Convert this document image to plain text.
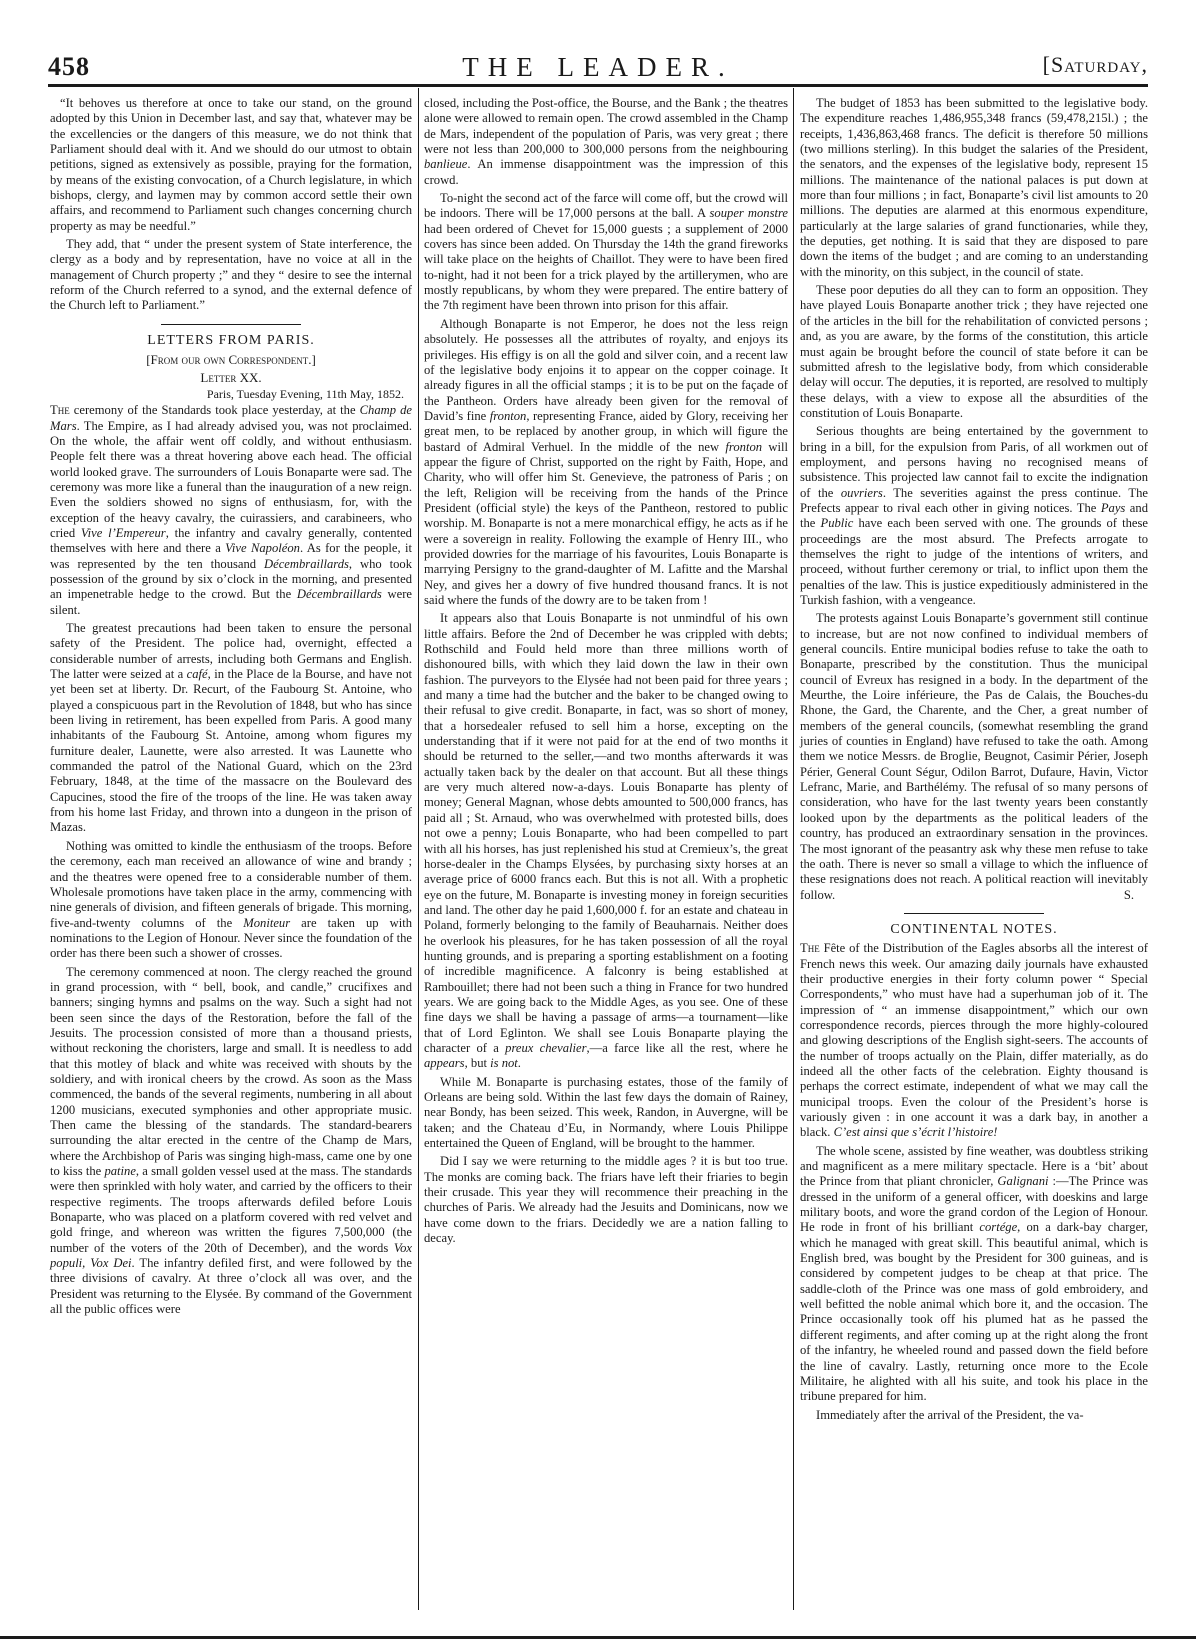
458	THE LEADER.	[Saturday,

“It behoves us therefore at once to take our stand, on the ground adopted by this Union in December last, and say that, whatever may be the excellencies or the dangers of this measure, we do not think that Parliament should deal with it. And we should do our utmost to obtain petitions, signed as extensively as possible, praying for the formation, by means of the existing convocation, of a Church legislature, in which bishops, clergy, and laymen may by common accord settle their own affairs, and recommend to Parliament such changes concerning church property as may be needful.”

They add, that “ under the present system of State interference, the clergy as a body and by representation, have no voice at all in the management of Church property ;” and they “ desire to see the internal reform of the Church referred to a synod, and the external defence of the Church left to Parliament.”

LETTERS FROM PARIS.

[From our own Correspondent.]

Letter XX.

Paris, Tuesday Evening, 11th May, 1852.

The ceremony of the Standards took place yesterday, at the Champ de Mars. The Empire, as I had already advised you, was not proclaimed. On the whole, the affair went off coldly, and without enthusiasm. People felt there was a threat hovering above each head. The official world looked grave. The surrounders of Louis Bonaparte were sad. The ceremony was more like a funeral than the inauguration of a new reign. Even the soldiers showed no signs of enthusiasm, for, with the exception of the heavy cavalry, the cuirassiers, and carabineers, who cried Vive l’Empereur, the infantry and cavalry generally, contented themselves with here and there a Vive Napoléon. As for the people, it was represented by the ten thousand Décembraillards, who took possession of the ground by six o’clock in the morning, and presented an impenetrable hedge to the crowd. But the Décembraillards were silent.

The greatest precautions had been taken to ensure the personal safety of the President. The police had, overnight, effected a considerable number of arrests, including both Germans and English. The latter were seized at a café, in the Place de la Bourse, and have not yet been set at liberty. Dr. Recurt, of the Faubourg St. Antoine, who played a conspicuous part in the Revolution of 1848, but who has since been living in retirement, has been expelled from Paris. A good many inhabitants of the Faubourg St. Antoine, among whom figures my furniture dealer, Launette, were also arrested. It was Launette who commanded the patrol of the National Guard, which on the 23rd February, 1848, at the time of the massacre on the Boulevard des Capucines, stood the fire of the troops of the line. He was taken away from his home last Friday, and thrown into a dungeon in the prison of Mazas.

Nothing was omitted to kindle the enthusiasm of the troops. Before the ceremony, each man received an allowance of wine and brandy ; and the theatres were opened free to a considerable number of them. Wholesale promotions have taken place in the army, commencing with nine generals of division, and fifteen generals of brigade. This morning, five-and-twenty columns of the Moniteur are taken up with nominations to the Legion of Honour. Never since the foundation of the order has there been such a shower of crosses.

The ceremony commenced at noon. The clergy reached the ground in grand procession, with “ bell, book, and candle,” crucifixes and banners; singing hymns and psalms on the way. Such a sight had not been seen since the days of the Restoration, before the fall of the Jesuits. The procession consisted of more than a thousand priests, without reckoning the choristers, large and small. It is needless to add that this motley of black and white was received with shouts by the soldiery, and with ironical cheers by the crowd. As soon as the Mass commenced, the bands of the several regiments, numbering in all about 1200 musicians, executed symphonies and other appropriate music. Then came the blessing of the standards. The standard-bearers surrounding the altar erected in the centre of the Champ de Mars, where the Archbishop of Paris was singing high-mass, came one by one to kiss the patine, a small golden vessel used at the mass. The standards were then sprinkled with holy water, and carried by the officers to their respective regiments. The troops afterwards defiled before Louis Bonaparte, who was placed on a platform covered with red velvet and gold fringe, and whereon was written the figures 7,500,000 (the number of the voters of the 20th of December), and the words Vox populi, Vox Dei. The infantry defiled first, and were followed by the three divisions of cavalry. At three o’clock all was over, and the President was returning to the Elysée. By command of the Government all the public offices were

closed, including the Post-office, the Bourse, and the Bank ; the theatres alone were allowed to remain open. The crowd assembled in the Champ de Mars, independent of the population of Paris, was very great ; there were not less than 200,000 to 300,000 persons from the neighbouring banlieue. An immense disappointment was the impression of this crowd.

To-night the second act of the farce will come off, but the crowd will be indoors. There will be 17,000 persons at the ball. A souper monstre had been ordered of Chevet for 15,000 guests ; a supplement of 2000 covers has since been added. On Thursday the 14th the grand fireworks will take place on the heights of Chaillot. They were to have been fired to-night, had it not been for a trick played by the artillerymen, who are mostly republicans, by whom they were prepared. The entire battery of the 7th regiment have been thrown into prison for this affair.

Although Bonaparte is not Emperor, he does not the less reign absolutely. He possesses all the attributes of royalty, and enjoys its privileges. His effigy is on all the gold and silver coin, and a recent law of the legislative body enjoins it to appear on the copper coinage. It already figures in all the official stamps ; it is to be put on the façade of the Pantheon. Orders have already been given for the removal of David’s fine fronton, representing France, aided by Glory, receiving her great men, to be replaced by another group, in which will figure the bastard of Admiral Verhuel. In the middle of the new fronton will appear the figure of Christ, supported on the right by Faith, Hope, and Charity, who will offer him St. Genevieve, the patroness of Paris ; on the left, Religion will be receiving from the hands of the Prince President (official style) the keys of the Pantheon, restored to public worship. M. Bonaparte is not a mere monarchical effigy, he acts as if he were a sovereign in reality. Following the example of Henry III., who provided dowries for the marriage of his favourites, Louis Bonaparte is marrying Persigny to the grand-daughter of M. Lafitte and the Marshal Ney, and gives her a dowry of five hundred thousand francs. It is not said where the funds of the dowry are to be taken from !

It appears also that Louis Bonaparte is not unmindful of his own little affairs. Before the 2nd of December he was crippled with debts; Rothschild and Fould held more than three millions worth of dishonoured bills, with which they laid down the law in their own fashion. The purveyors to the Elysée had not been paid for three years ; and many a time had the butcher and the baker to be changed owing to their refusal to give credit. Bonaparte, in fact, was so short of money, that a horsedealer refused to sell him a horse, excepting on the understanding that if it were not paid for at the end of two months it should be returned to the seller,—and two months afterwards it was actually taken back by the dealer on that account. But all these things are very much altered now-a-days. Louis Bonaparte has plenty of money; General Magnan, whose debts amounted to 500,000 francs, has paid all ; St. Arnaud, who was overwhelmed with protested bills, does not owe a penny; Louis Bonaparte, who had been compelled to part with all his horses, has just replenished his stud at Cremieux’s, the great horse-dealer in the Champs Elysées, by purchasing sixty horses at an average price of 6000 francs each. But this is not all. With a prophetic eye on the future, M. Bonaparte is investing money in foreign securities and land. The other day he paid 1,600,000 f. for an estate and chateau in Poland, formerly belonging to the family of Beauharnais. Neither does he overlook his pleasures, for he has taken possession of all the royal hunting grounds, and is preparing a sporting establishment on a footing of incredible magnificence. A falconry is being established at Rambouillet; there had not been such a thing in France for two hundred years. We are going back to the Middle Ages, as you see. One of these fine days we shall be having a passage of arms—a tournament—like that of Lord Eglinton. We shall see Louis Bonaparte playing the character of a preux chevalier,—a farce like all the rest, where he appears, but is not.

While M. Bonaparte is purchasing estates, those of the family of Orleans are being sold. Within the last few days the domain of Rainey, near Bondy, has been seized. This week, Randon, in Auvergne, will be taken; and the Chateau d’Eu, in Normandy, where Louis Philippe entertained the Queen of England, will be brought to the hammer.

Did I say we were returning to the middle ages ? it is but too true. The monks are coming back. The friars have left their friaries to begin their crusade. This year they will recommence their preaching in the churches of Paris. We already had the Jesuits and Dominicans, now we have come down to the friars. Decidedly we are a nation falling to decay.

The budget of 1853 has been submitted to the legislative body. The expenditure reaches 1,486,955,348 francs (59,478,215l.) ; the receipts, 1,436,863,468 francs. The deficit is therefore 50 millions (two millions sterling). In this budget the salaries of the President, the senators, and the expenses of the legislative body, represent 15 millions. The maintenance of the national palaces is put down at more than four millions ; in fact, Bonaparte’s civil list amounts to 20 millions. The deputies are alarmed at this enormous expenditure, particularly at the large salaries of grand functionaries, while they, the deputies, get nothing. It is said that they are disposed to pare down the items of the budget ; and are coming to an understanding with the minority, on this subject, in the council of state.

These poor deputies do all they can to form an opposition. They have played Louis Bonaparte another trick ; they have rejected one of the articles in the bill for the rehabilitation of convicted persons ; and, as you are aware, by the forms of the constitution, this article must again be brought before the council of state before it can be submitted afresh to the legislative body, from which considerable delay will occur. The deputies, it is reported, are resolved to multiply these delays, with a view to expose all the absurdities of the constitution of Louis Bonaparte.

Serious thoughts are being entertained by the government to bring in a bill, for the expulsion from Paris, of all workmen out of employment, and persons having no recognised means of subsistence. This projected law cannot fail to excite the indignation of the ouvriers. The severities against the press continue. The Prefects appear to rival each other in giving notices. The Pays and the Public have each been served with one. The grounds of these proceedings are the most absurd. The Prefects arrogate to themselves the right to judge of the intentions of writers, and proceed, without further ceremony or trial, to inflict upon them the penalties of the law. This is justice expeditiously administered in the Turkish fashion, with a vengeance.

The protests against Louis Bonaparte’s government still continue to increase, but are not now confined to individual members of general councils. Entire municipal bodies refuse to take the oath to Bonaparte, prescribed by the constitution. Thus the municipal council of Evreux has resigned in a body. In the department of the Meurthe, the Loire inférieure, the Pas de Calais, the Bouches-du Rhone, the Gard, the Charente, and the Cher, a great number of members of the general councils, (somewhat resembling the grand juries of counties in England) have refused to take the oath. Among them we notice Messrs. de Broglie, Beugnot, Casimir Périer, Joseph Périer, General Count Ségur, Odilon Barrot, Dufaure, Havin, Victor Lefranc, Marie, and Barthélémy. The refusal of so many persons of consideration, who have for the last twenty years been constantly looked upon by the departments as the political leaders of the country, has produced an extraordinary sensation in the provinces. The most ignorant of the peasantry ask why these men refuse to take the oath. There is never so small a village to which the influence of these resignations does not reach. A political reaction will inevitably follow.	S.

CONTINENTAL NOTES.

The Fête of the Distribution of the Eagles absorbs all the interest of French news this week. Our amazing daily journals have exhausted their productive energies in their forty column power “ Special Correspondents,” who must have had a superhuman job of it. The impression of “ an immense disappointment,” which our own correspondence records, pierces through the more highly-coloured and glowing descriptions of the English sight-seers. The accounts of the number of troops actually on the Plain, differ materially, as do indeed all the other facts of the celebration. Eighty thousand is perhaps the correct estimate, independent of what we may call the municipal troops. Even the colour of the President’s horse is variously given : in one account it was a dark bay, in another a black. C’est ainsi que s’écrit l’histoire!

The whole scene, assisted by fine weather, was doubtless striking and magnificent as a mere military spectacle. Here is a ‘bit’ about the Prince from that pliant chronicler, Galignani :—The Prince was dressed in the uniform of a general officer, with doeskins and large military boots, and wore the grand cordon of the Legion of Honour. He rode in front of his brilliant cortége, on a dark-bay charger, which he managed with great skill. This beautiful animal, which is English bred, was bought by the President for 300 guineas, and is considered by competent judges to be cheap at that price. The saddle-cloth of the Prince was one mass of gold embroidery, and well befitted the noble animal which bore it, and the occasion. The Prince occasionally took off his plumed hat as he passed the different regiments, and after coming up at the right along the front of the infantry, he wheeled round and passed down the field before the line of cavalry. Lastly, returning once more to the Ecole Militaire, he alighted with all his suite, and took his place in the tribune prepared for him.

Immediately after the arrival of the President, the va-
